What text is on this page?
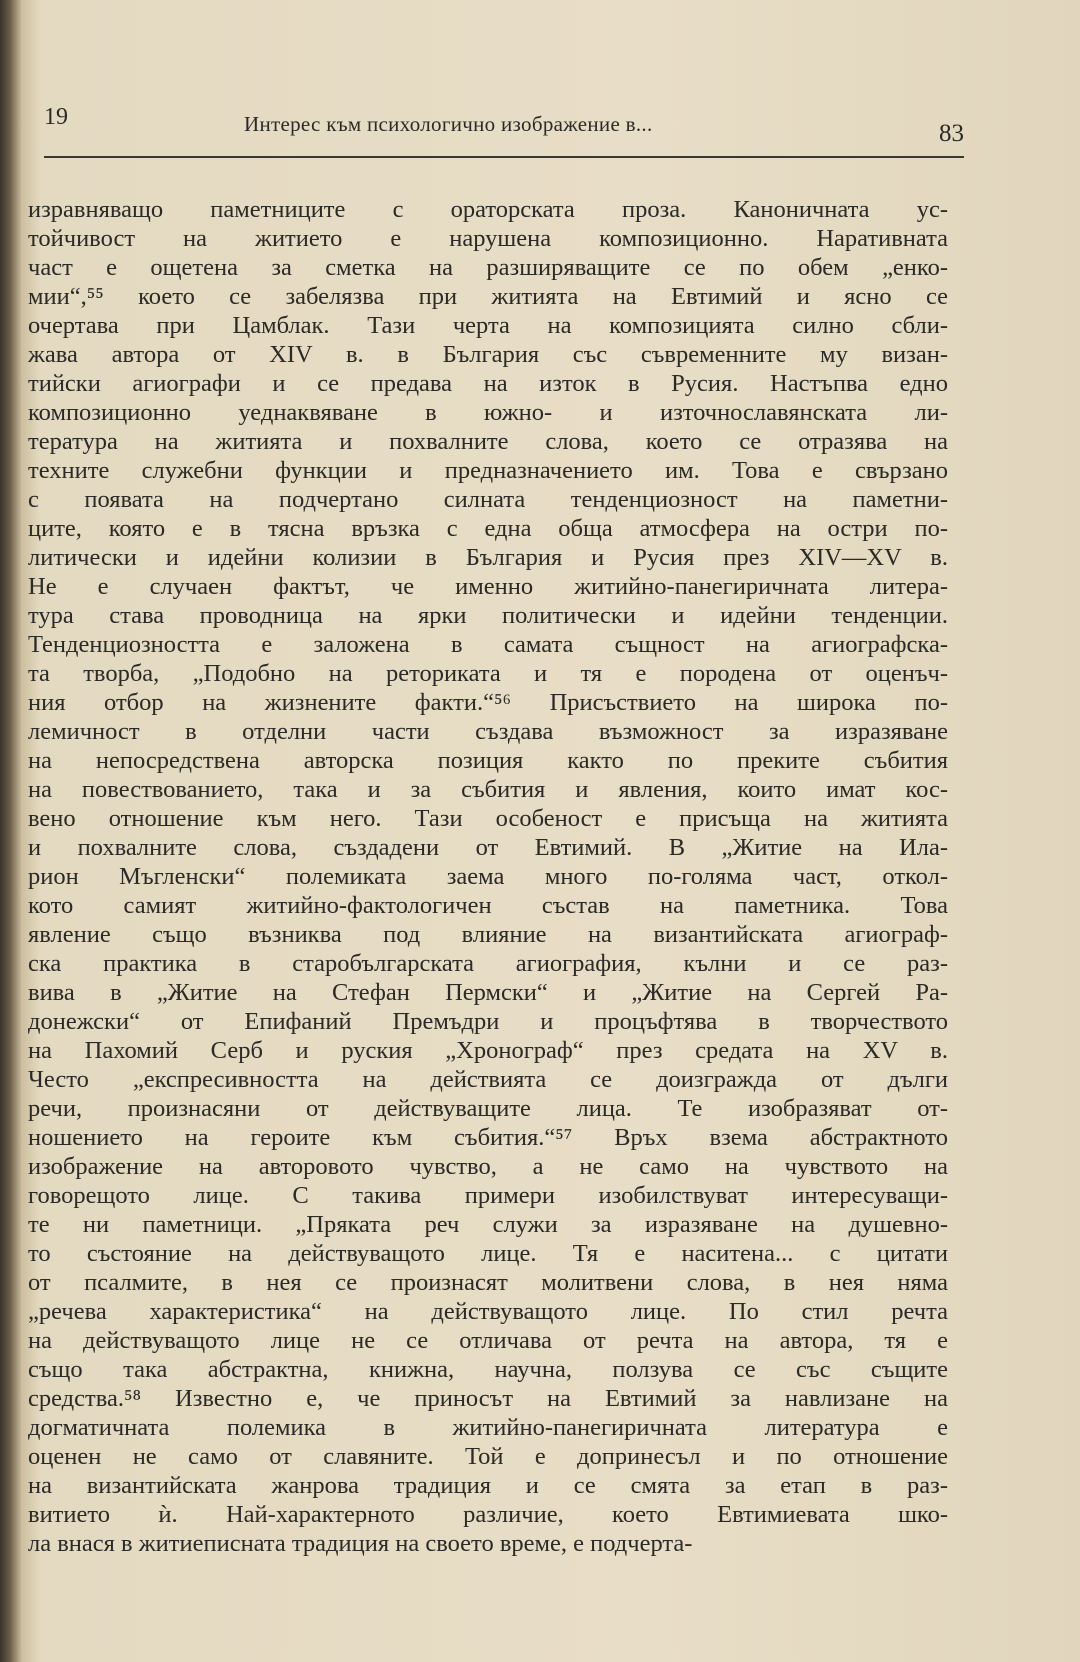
19	Интерес към психологично изображение в...	83
изравняващо паметниците с ораторската проза. Каноничната ус-
тойчивост на житието е нарушена композиционно. Наративната
част е ощетена за сметка на разширяващите се по обем „енко-
мии“,⁵⁵ което се забелязва при житията на Евтимий и ясно се
очертава при Цамблак. Тази черта на композицията силно сбли-
жава автора от XIV в. в България със съвременните му визан-
тийски агиографи и се предава на изток в Русия. Настъпва едно
композиционно уеднаквяване в южно- и източнославянската ли-
тература на житията и похвалните слова, което се отразява на
техните служебни функции и предназначението им. Това е свързано
с появата на подчертано силната тенденциозност на паметни-
ците, която е в тясна връзка с една обща атмосфера на остри по-
литически и идейни колизии в България и Русия през XIV—XV в.
Не е случаен фактът, че именно житийно-панегиричната литера-
тура става проводница на ярки политически и идейни тенденции.
Тенденциозността е заложена в самата същност на агиографска-
та творба, „Подобно на реториката и тя е породена от оценъч-
ния отбор на жизнените факти.“⁵⁶ Присъствието на широка по-
лемичност в отделни части създава възможност за изразяване
на непосредствена авторска позиция както по преките събития
на повествованието, така и за събития и явления, които имат кос-
вено отношение към него. Тази особеност е присъща на житията
и похвалните слова, създадени от Евтимий. В „Житие на Ила-
рион Мъгленски“ полемиката заема много по-голяма част, откол-
кото самият житийно-фактологичен състав на паметника. Това
явление също възниква под влияние на византийската агиограф-
ска практика в старобългарската агиография, кълни и се раз-
вива в „Житие на Стефан Пермски“ и „Житие на Сергей Ра-
донежски“ от Епифаний Премъдри и процъфтява в творчеството
на Пахомий Серб и руския „Хронограф“ през средата на XV в.
Често „експресивността на действията се доизгражда от дълги
речи, произнасяни от действуващите лица. Те изобразяват от-
ношението на героите към събития.“⁵⁷ Връх взема абстрактното
изображение на авторовото чувство, а не само на чувството на
говорещото лице. С такива примери изобилствуват интересуващи-
те ни паметници. „Пряката реч служи за изразяване на душевно-
то състояние на действуващото лице. Тя е наситена... с цитати
от псалмите, в нея се произнасят молитвени слова, в нея няма
„речева характеристика“ на действуващото лице. По стил речта
на действуващото лице не се отличава от речта на автора, тя е
също така абстрактна, книжна, научна, ползува се със същите
средства.⁵⁸ Известно е, че приносът на Евтимий за навлизане на
догматичната полемика в житийно-панегиричната литература е
оценен не само от славяните. Той е допринесъл и по отношение
на византийската жанрова традиция и се смята за етап в раз-
витието ѝ. Най-характерното различие, което Евтимиевата шко-
ла внася в житиеписната традиция на своето време, е подчерта-
